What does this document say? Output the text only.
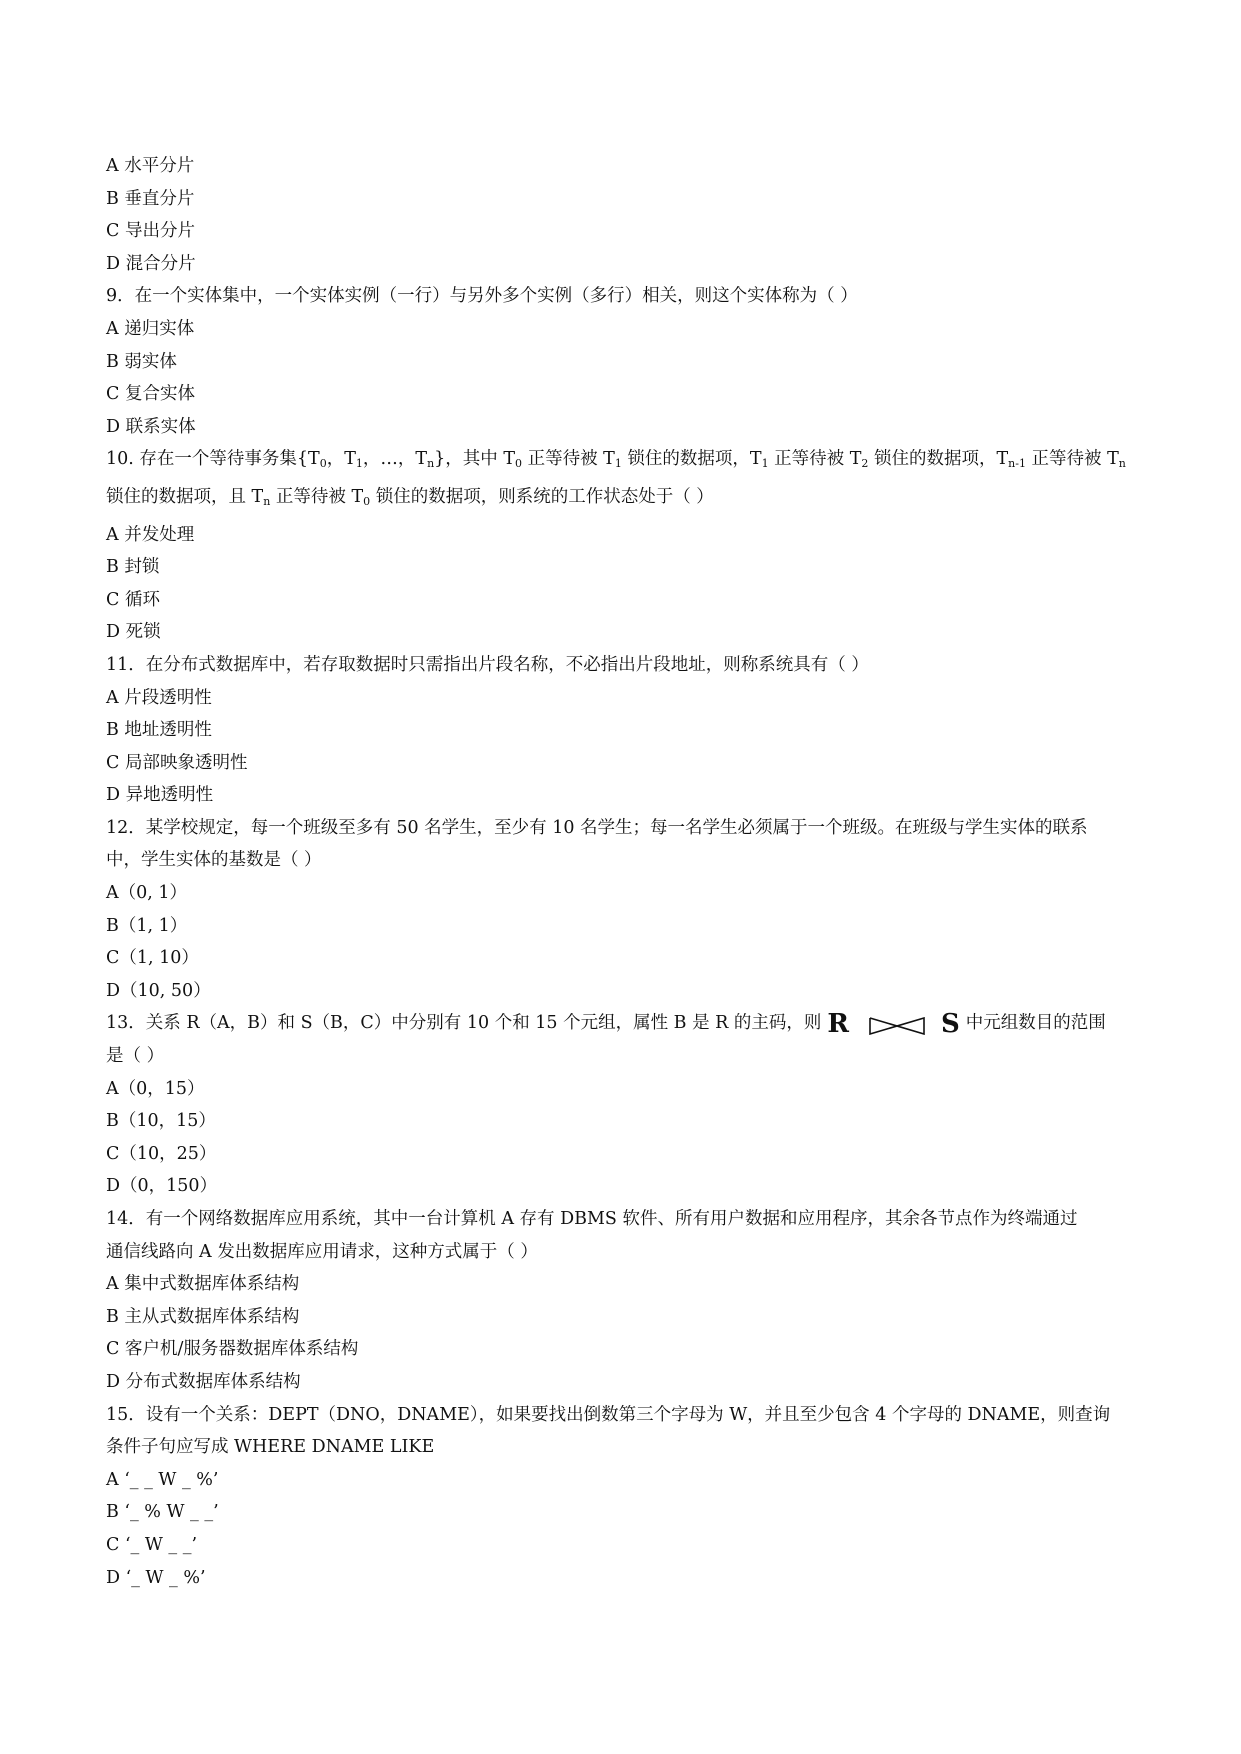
A 水平分片
B 垂直分片
C 导出分片
D 混合分片
9．在一个实体集中，一个实体实例（一行）与另外多个实例（多行）相关，则这个实体称为（ ）
A 递归实体
B 弱实体
C 复合实体
D 联系实体
10. 存在一个等待事务集{$T_0$，$T_1$，…，$T_n$}，其中 $T_0$ 正等待被 $T_1$ 锁住的数据项，$T_1$ 正等待被 $T_2$ 锁住的数据项，$T_{n-1}$ 正等待被 $T_n$
锁住的数据项，且 $T_n$ 正等待被 $T_0$ 锁住的数据项，则系统的工作状态处于（ ）
A 并发处理
B 封锁
C 循环
D 死锁
11．在分布式数据库中，若存取数据时只需指出片段名称，不必指出片段地址，则称系统具有（ ）
A 片段透明性
B 地址透明性
C 局部映象透明性
D 异地透明性
12．某学校规定，每一个班级至多有 50 名学生，至少有 10 名学生；每一名学生必须属于一个班级。在班级与学生实体的联系
中，学生实体的基数是（ ）
A（0, 1）
B（1, 1）
C（1, 10）
D（10, 50）
13．关系 R（A，B）和 S（B，C）中分别有 10 个和 15 个元组，属性 B 是 R 的主码，则 R	S 中元组数目的范围
是（ ）
A（0，15）
B（10，15）
C（10，25）
D（0，150）
14．有一个网络数据库应用系统，其中一台计算机 A 存有 DBMS 软件、所有用户数据和应用程序，其余各节点作为终端通过
通信线路向 A 发出数据库应用请求，这种方式属于（ ）
A 集中式数据库体系结构
B 主从式数据库体系结构
C 客户机/服务器数据库体系结构
D 分布式数据库体系结构
15．设有一个关系：DEPT（DNO，DNAME），如果要找出倒数第三个字母为 W，并且至少包含 4 个字母的 DNAME，则查询
条件子句应写成 WHERE DNAME LIKE
A ‘_ _ W _ %’
B ‘_ % W _ _’
C ‘_ W _ _’
D ‘_ W _ %’
